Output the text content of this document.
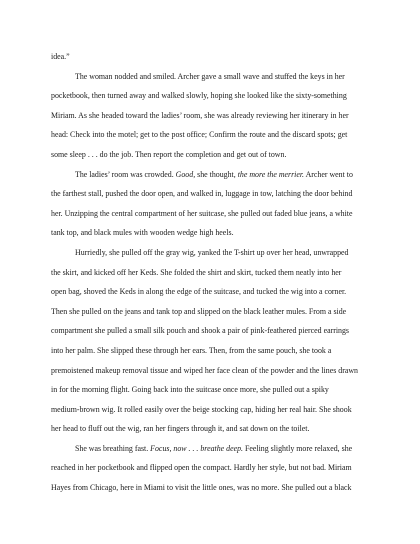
idea.”
The woman nodded and smiled. Archer gave a small wave and stuffed the keys in her
pocketbook, then turned away and walked slowly, hoping she looked like the sixty-something
Miriam. As she headed toward the ladies’ room, she was already reviewing her itinerary in her
head: Check into the motel; get to the post office; Confirm the route and the discard spots; get
some sleep . . . do the job. Then report the completion and get out of town.
The ladies’ room was crowded. Good, she thought, the more the merrier. Archer went to
the farthest stall, pushed the door open, and walked in, luggage in tow, latching the door behind
her. Unzipping the central compartment of her suitcase, she pulled out faded blue jeans, a white
tank top, and black mules with wooden wedge high heels.
Hurriedly, she pulled off the gray wig, yanked the T-shirt up over her head, unwrapped
the skirt, and kicked off her Keds. She folded the shirt and skirt, tucked them neatly into her
open bag, shoved the Keds in along the edge of the suitcase, and tucked the wig into a corner.
Then she pulled on the jeans and tank top and slipped on the black leather mules. From a side
compartment she pulled a small silk pouch and shook a pair of pink-feathered pierced earrings
into her palm. She slipped these through her ears. Then, from the same pouch, she took a
premoistened makeup removal tissue and wiped her face clean of the powder and the lines drawn
in for the morning flight. Going back into the suitcase once more, she pulled out a spiky
medium-brown wig. It rolled easily over the beige stocking cap, hiding her real hair. She shook
her head to fluff out the wig, ran her fingers through it, and sat down on the toilet.
She was breathing fast. Focus, now . . . breathe deep. Feeling slightly more relaxed, she
reached in her pocketbook and flipped open the compact. Hardly her style, but not bad. Miriam
Hayes from Chicago, here in Miami to visit the little ones, was no more. She pulled out a black
